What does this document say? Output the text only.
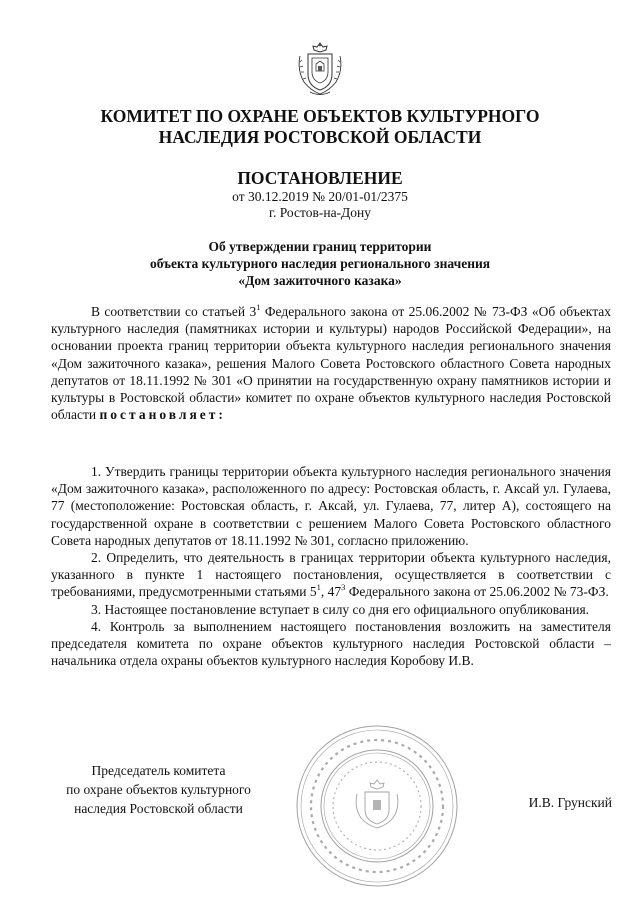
КОМИТЕТ ПО ОХРАНЕ ОБЪЕКТОВ КУЛЬТУРНОГО
НАСЛЕДИЯ РОСТОВСКОЙ ОБЛАСТИ
ПОСТАНОВЛЕНИЕ
от 30.12.2019 № 20/01-01/2375
г. Ростов-на-Дону
Об утверждении границ территории
объекта культурного наследия регионального значения
«Дом зажиточного казака»

В соответствии со статьей $3^1$ Федерального закона от 25.06.2002 № 73-ФЗ «Об объектах культурного наследия (памятниках истории и культуры) народов Российской Федерации», на основании проекта границ территории объекта культурного наследия регионального значения «Дом зажиточного казака», решения Малого Совета Ростовского областного Совета народных депутатов от 18.11.1992 № 301 «О принятии на государственную охрану памятников истории и культуры в Ростовской области» комитет по охране объектов культурного наследия Ростовской области постановляет:

1. Утвердить границы территории объекта культурного наследия регионального значения «Дом зажиточного казака», расположенного по адресу: Ростовская область, г. Аксай ул. Гулаева, 77 (местоположение: Ростовская область, г. Аксай, ул. Гулаева, 77, литер А), состоящего на государственной охране в соответствии с решением Малого Совета Ростовского областного Совета народных депутатов от 18.11.1992 № 301, согласно приложению.

2. Определить, что деятельность в границах территории объекта культурного наследия, указанного в пункте 1 настоящего постановления, осуществляется в соответствии с требованиями, предусмотренными статьями $5^1$, $47^3$ Федерального закона от 25.06.2002 № 73-ФЗ.

3. Настоящее постановление вступает в силу со дня его официального опубликования.

4. Контроль за выполнением настоящего постановления возложить на заместителя председателя комитета по охране объектов культурного наследия Ростовской области – начальника отдела охраны объектов культурного наследия Коробову И.В.

Председатель комитета
по охране объектов культурного
наследия Ростовской области	И.В. Грунский
